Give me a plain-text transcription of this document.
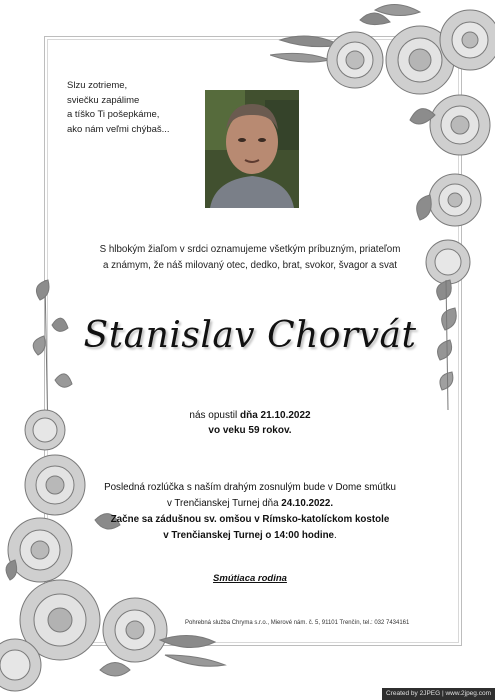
Slzu zotrieme,
sviečku zapálime
a tíško Ti pošepkáme,
ako nám veľmi chýbaš...
S hlbokým žiaľom v srdci oznamujeme všetkým príbuzným, priateľom
a známym, že náš milovaný otec, dedko, brat, svokor, švagor a svat
Stanislav Chorvát
nás opustil dňa 21.10.2022
vo veku 59 rokov.
Posledná rozlúčka s naším drahým zosnulým bude v Dome smútku
v Trenčianskej Turnej dňa 24.10.2022.
Začne sa zádušnou sv. omšou v Rímsko-katolíckom kostole
v Trenčianskej Turnej o 14:00 hodine.
Smútiaca rodina
Pohrebná služba Chryma s.r.o., Mierové nám. č. 5, 91101 Trenčín, tel.: 032 7434161
Created by 2JPEG | www.2jpeg.com
